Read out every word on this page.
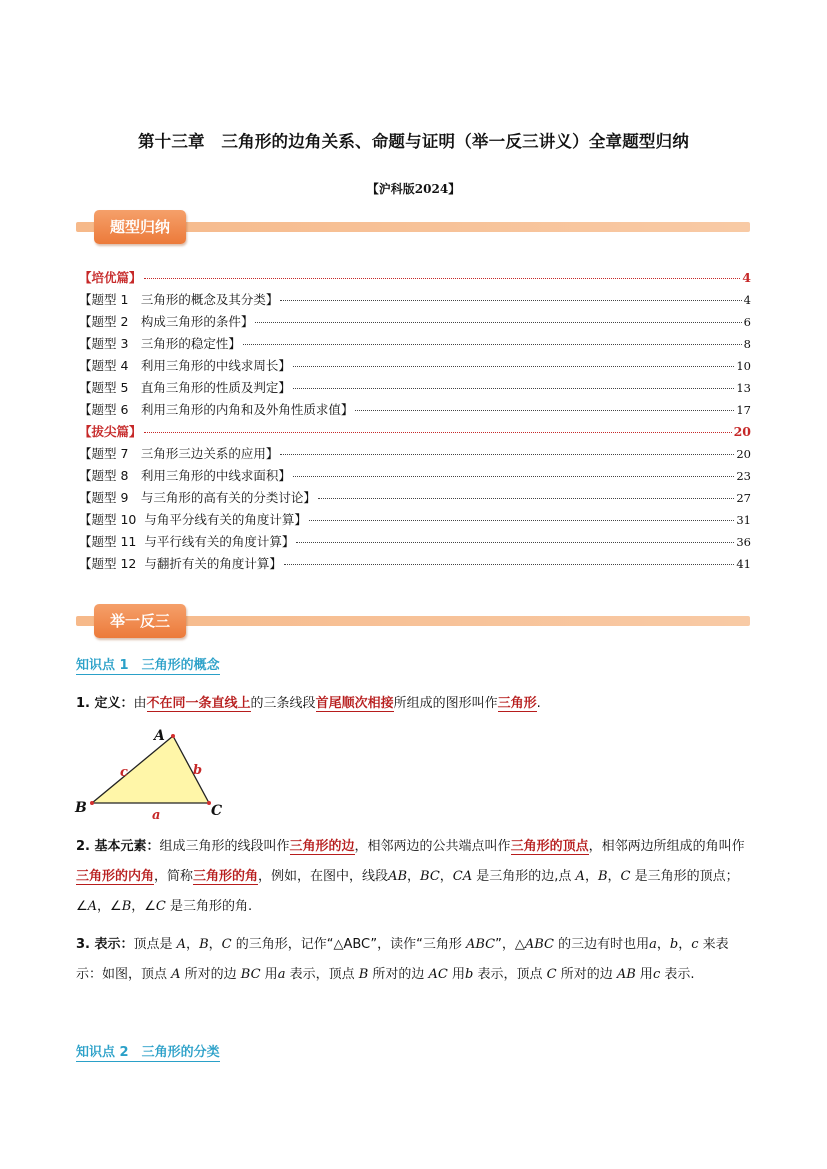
第十三章　三角形的边角关系、命题与证明（举一反三讲义）全章题型归纳
【沪科版2024】
题型归纳
【培优篇】	4
【题型 1　三角形的概念及其分类】	4
【题型 2　构成三角形的条件】	6
【题型 3　三角形的稳定性】	8
【题型 4　利用三角形的中线求周长】	10
【题型 5　直角三角形的性质及判定】	13
【题型 6　利用三角形的内角和及外角性质求值】	17
【拔尖篇】	20
【题型 7　三角形三边关系的应用】	20
【题型 8　利用三角形的中线求面积】	23
【题型 9　与三角形的高有关的分类讨论】	27
【题型 10  与角平分线有关的角度计算】	31
【题型 11  与平行线有关的角度计算】	36
【题型 12  与翻折有关的角度计算】	41
举一反三
知识点 1　三角形的概念
1. 定义：由不在同一条直线上的三条线段首尾顺次相接所组成的图形叫作三角形.
A
B	C
a
b
c
2. 基本元素：组成三角形的线段叫作三角形的边，相邻两边的公共端点叫作三角形的顶点，相邻两边所组成的角叫作三角形的内角，简称三角形的角，例如，在图中，线段AB，BC，CA 是三角形的边,点 A，B，C 是三角形的顶点；∠A，∠B，∠C 是三角形的角.
3. 表示：顶点是 A，B，C 的三角形，记作“△ABC”，读作“三角形 ABC”，△ABC 的三边有时也用a，b，c 来表示：如图，顶点 A 所对的边 BC 用a 表示，顶点 B 所对的边 AC 用b 表示，顶点 C 所对的边 AB 用c 表示.
知识点 2　三角形的分类
